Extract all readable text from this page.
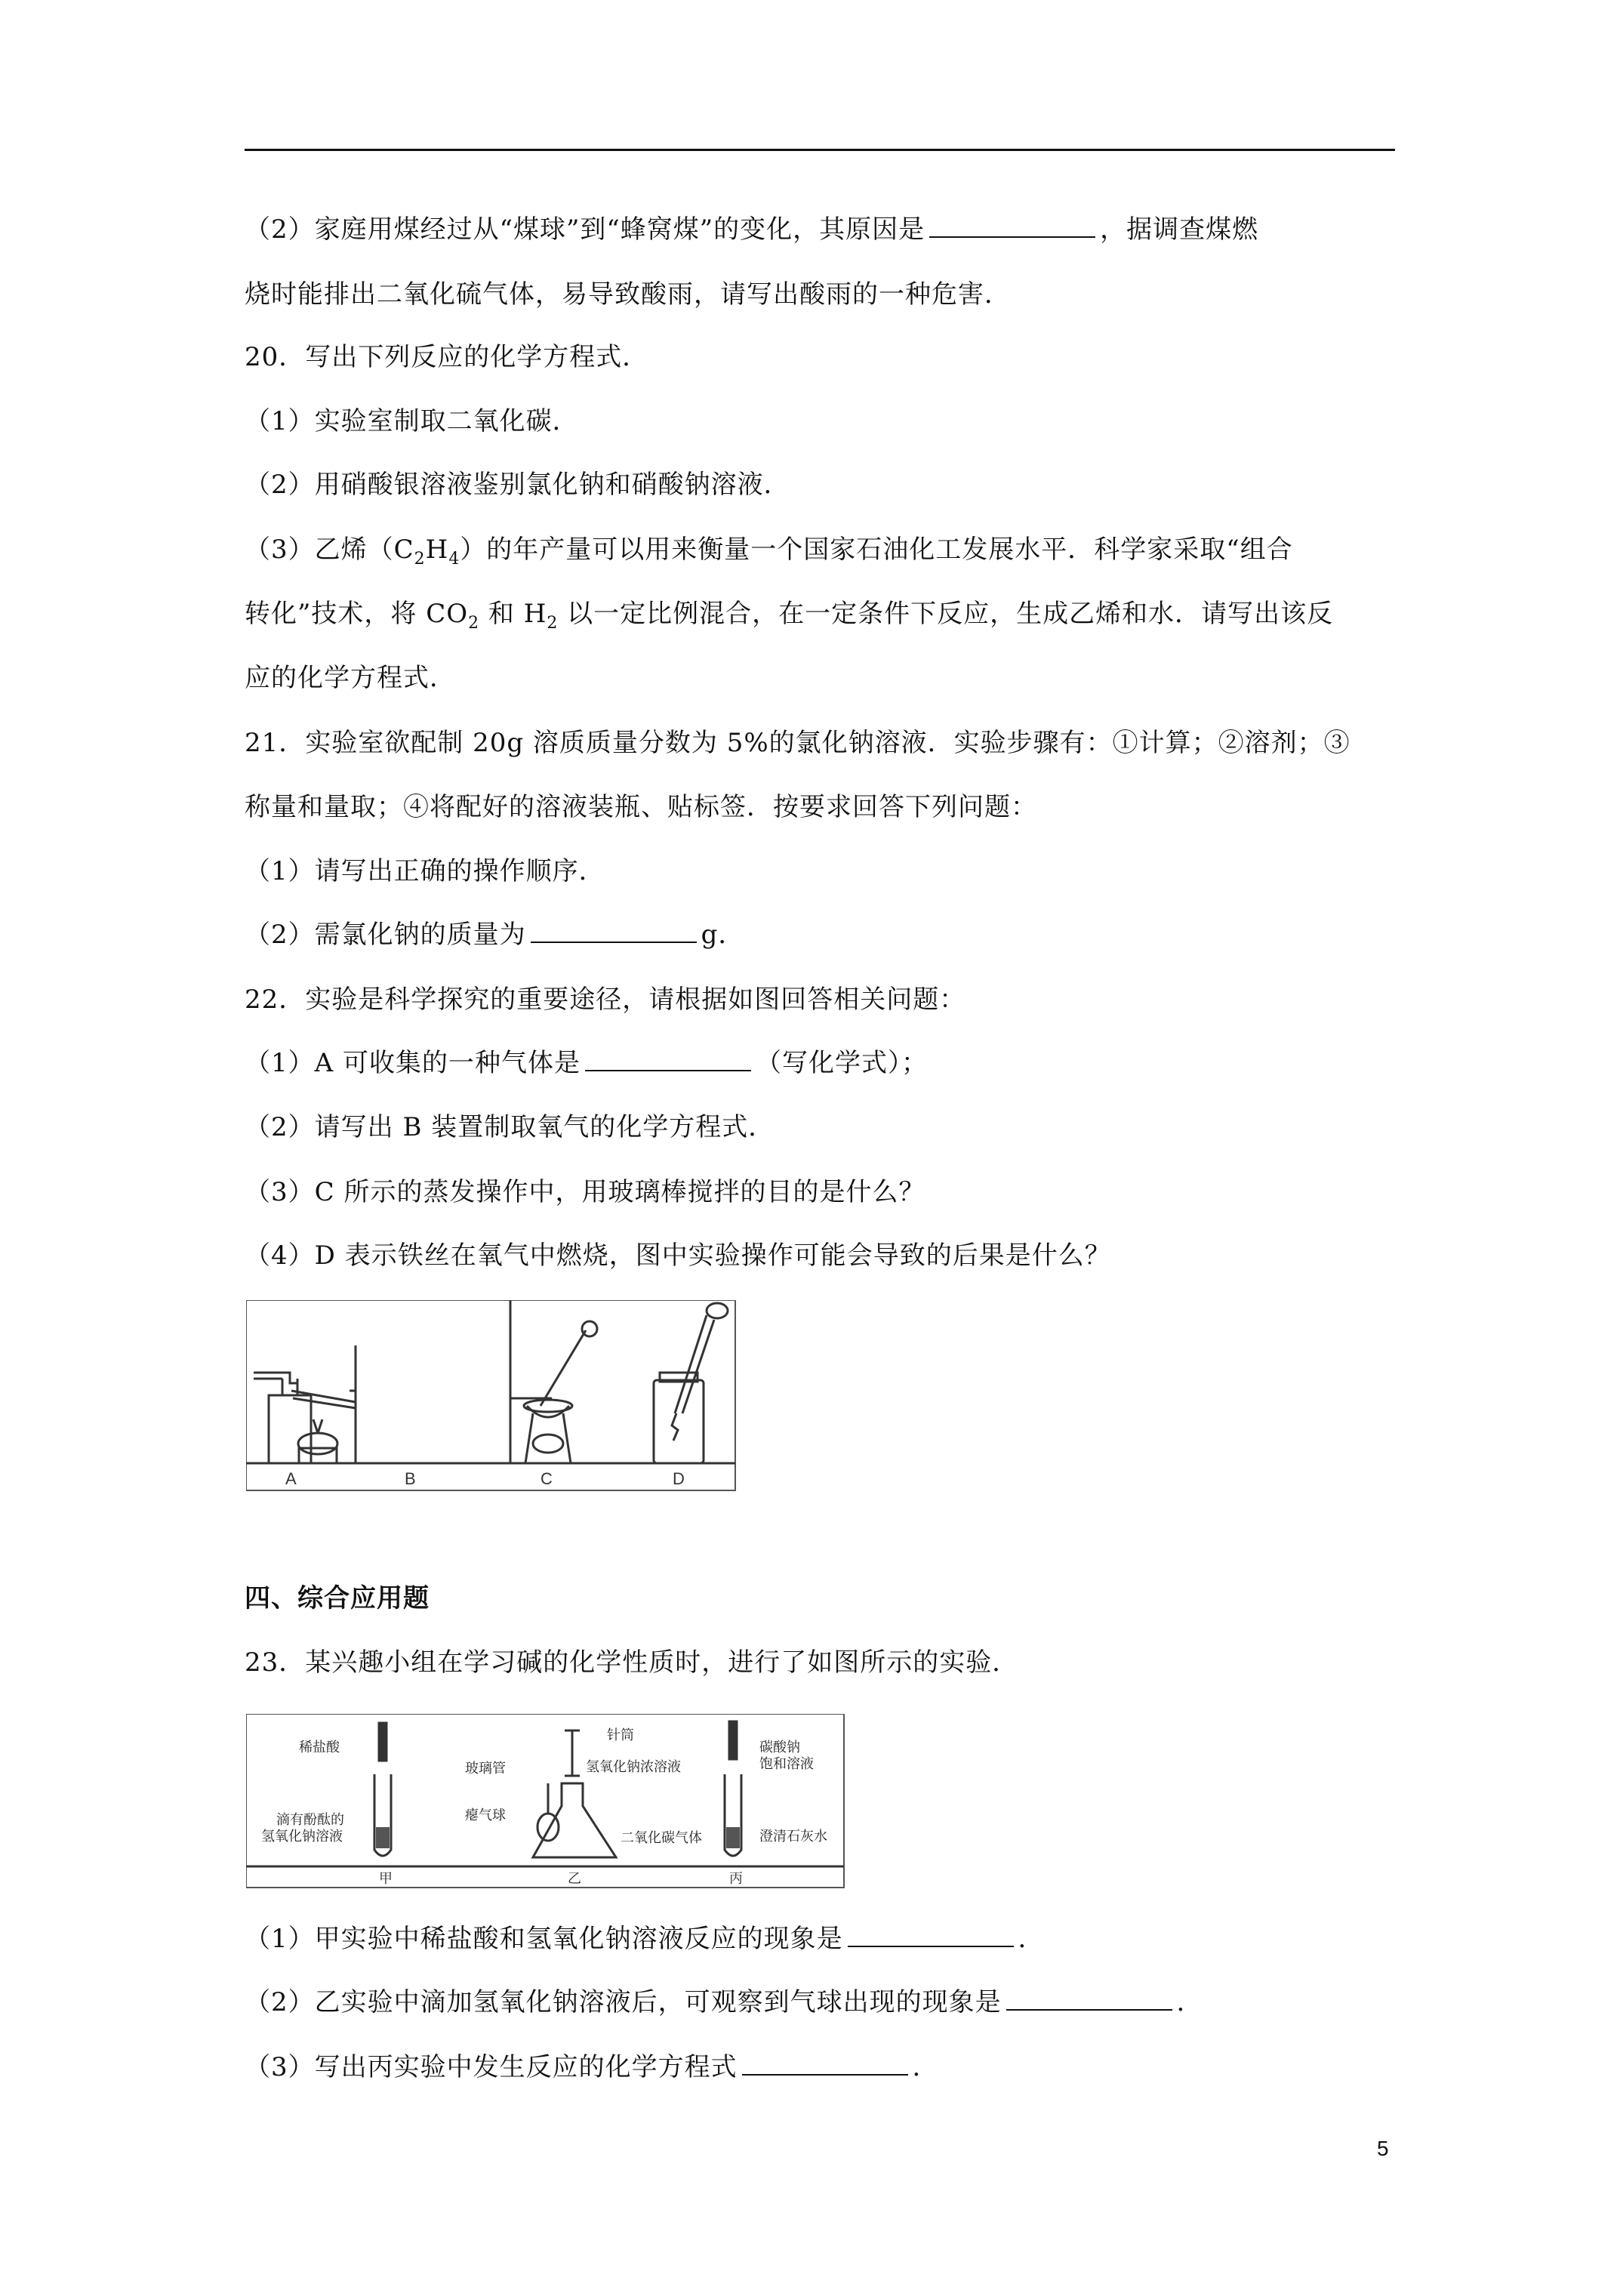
（2）家庭用煤经过从“煤球”到“蜂窝煤”的变化，其原因是	，据调查煤燃
烧时能排出二氧化硫气体，易导致酸雨，请写出酸雨的一种危害．
20．写出下列反应的化学方程式．
（1）实验室制取二氧化碳．
（2）用硝酸银溶液鉴别氯化钠和硝酸钠溶液．
（3）乙烯$(C_2H_4)$的年产量可以用来衡量一个国家石油化工发展水平．科学家采取“组合
转化”技术，将 $CO_2$ 和 $H_2$ 以一定比例混合，在一定条件下反应，生成乙烯和水．请写出该反
应的化学方程式．
21．实验室欲配制 20g 溶质质量分数为 5%的氯化钠溶液．实验步骤有：①计算；②溶剂；③
称量和量取；④将配好的溶液装瓶、贴标签．按要求回答下列问题：
（1）请写出正确的操作顺序．
（2）需氯化钠的质量为	g．
22．实验是科学探究的重要途径，请根据如图回答相关问题：
（1）A 可收集的一种气体是	（写化学式）；
（2）请写出 B 装置制取氧气的化学方程式．
（3）C 所示的蒸发操作中，用玻璃棒搅拌的目的是什么？
（4）D 表示铁丝在氧气中燃烧，图中实验操作可能会导致的后果是什么？
A	B	C	D
四、综合应用题
23．某兴趣小组在学习碱的化学性质时，进行了如图所示的实验．
稀盐酸
滴有酚酞的
氢氧化钠溶液
甲
针筒
玻璃管	氢氧化钠浓溶液
瘪气球
二氧化碳气体
乙
碳酸钠
饱和溶液
澄清石灰水
丙
（1）甲实验中稀盐酸和氢氧化钠溶液反应的现象是	．
（2）乙实验中滴加氢氧化钠溶液后，可观察到气球出现的现象是	．
（3）写出丙实验中发生反应的化学方程式	．
5
